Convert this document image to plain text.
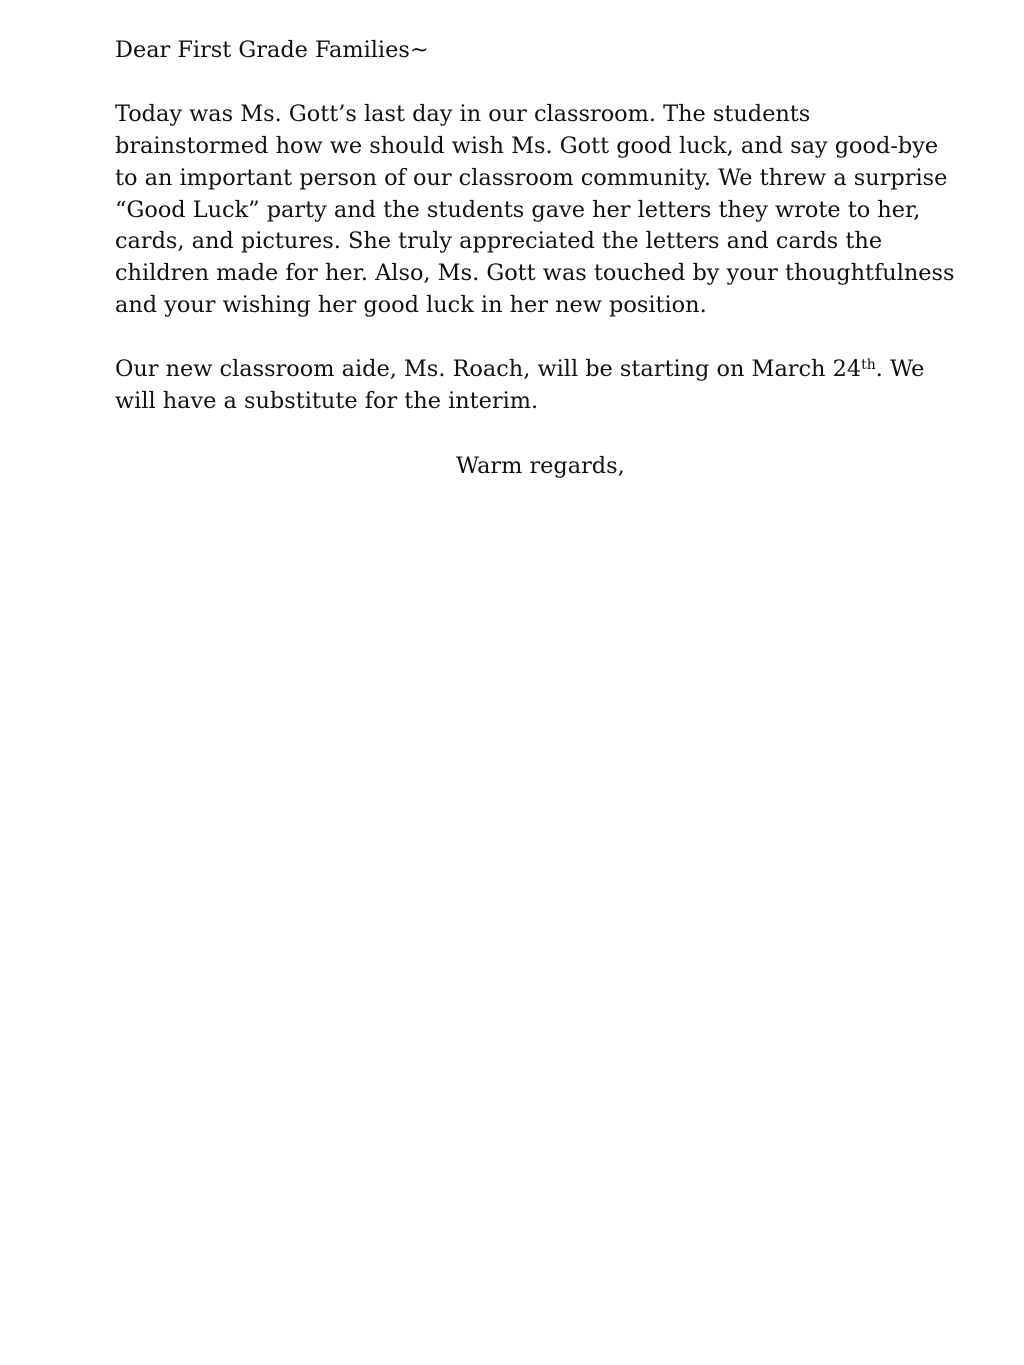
Dear First Grade Families~

Today was Ms. Gott’s last day in our classroom. The students brainstormed how we should wish Ms. Gott good luck, and say good-bye to an important person of our classroom community. We threw a surprise “Good Luck” party and the students gave her letters they wrote to her, cards, and pictures. She truly appreciated the letters and cards the children made for her. Also, Ms. Gott was touched by your thoughtfulness and your wishing her good luck in her new position.

Our new classroom aide, Ms. Roach, will be starting on March 24th. We will have a substitute for the interim.

Warm regards,
